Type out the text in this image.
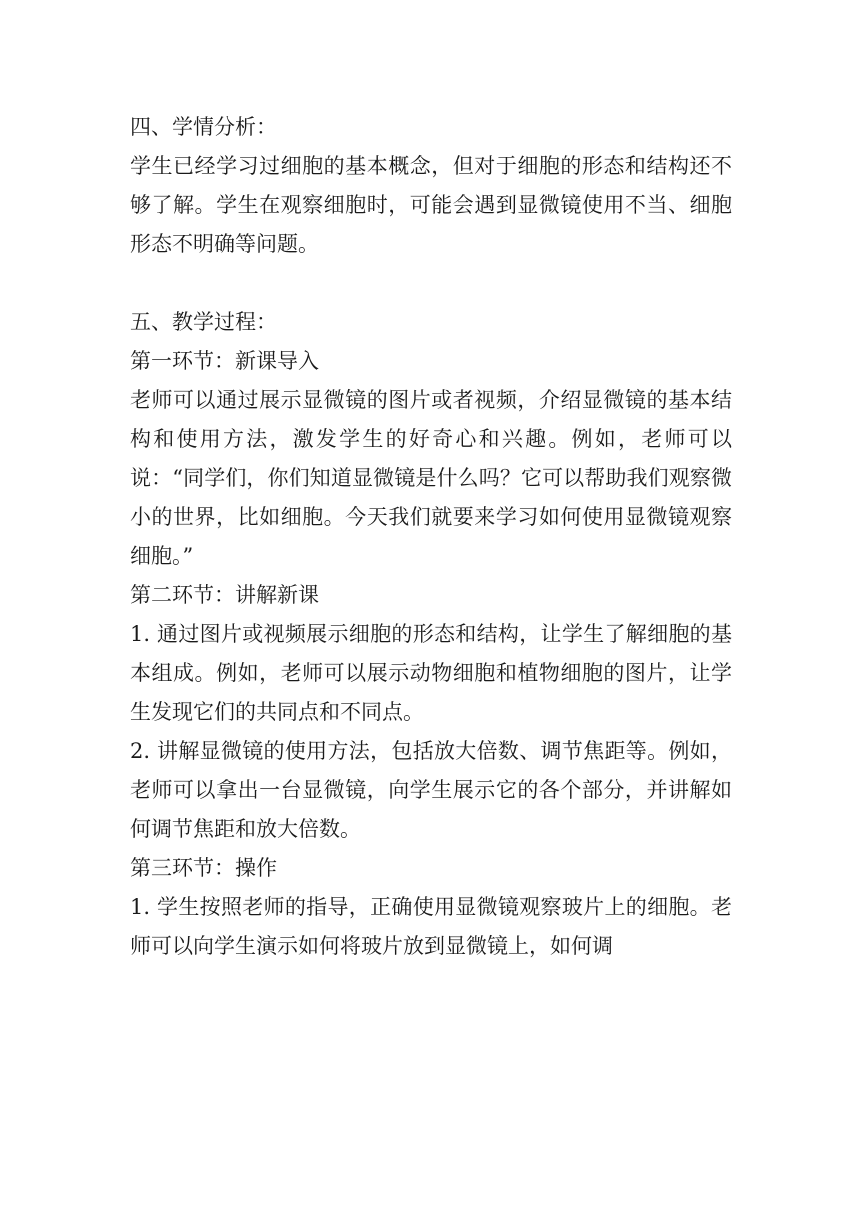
四、学情分析：

学生已经学习过细胞的基本概念，但对于细胞的形态和结构还不够了解。学生在观察细胞时，可能会遇到显微镜使用不当、细胞形态不明确等问题。

五、教学过程：

第一环节：新课导入

老师可以通过展示显微镜的图片或者视频，介绍显微镜的基本结构和使用方法，激发学生的好奇心和兴趣。例如，老师可以说：“同学们，你们知道显微镜是什么吗？它可以帮助我们观察微小的世界，比如细胞。今天我们就要来学习如何使用显微镜观察细胞。”

第二环节：讲解新课

1. 通过图片或视频展示细胞的形态和结构，让学生了解细胞的基本组成。例如，老师可以展示动物细胞和植物细胞的图片，让学生发现它们的共同点和不同点。

2. 讲解显微镜的使用方法，包括放大倍数、调节焦距等。例如，老师可以拿出一台显微镜，向学生展示它的各个部分，并讲解如何调节焦距和放大倍数。

第三环节：操作

1. 学生按照老师的指导，正确使用显微镜观察玻片上的细胞。老师可以向学生演示如何将玻片放到显微镜上，如何调
